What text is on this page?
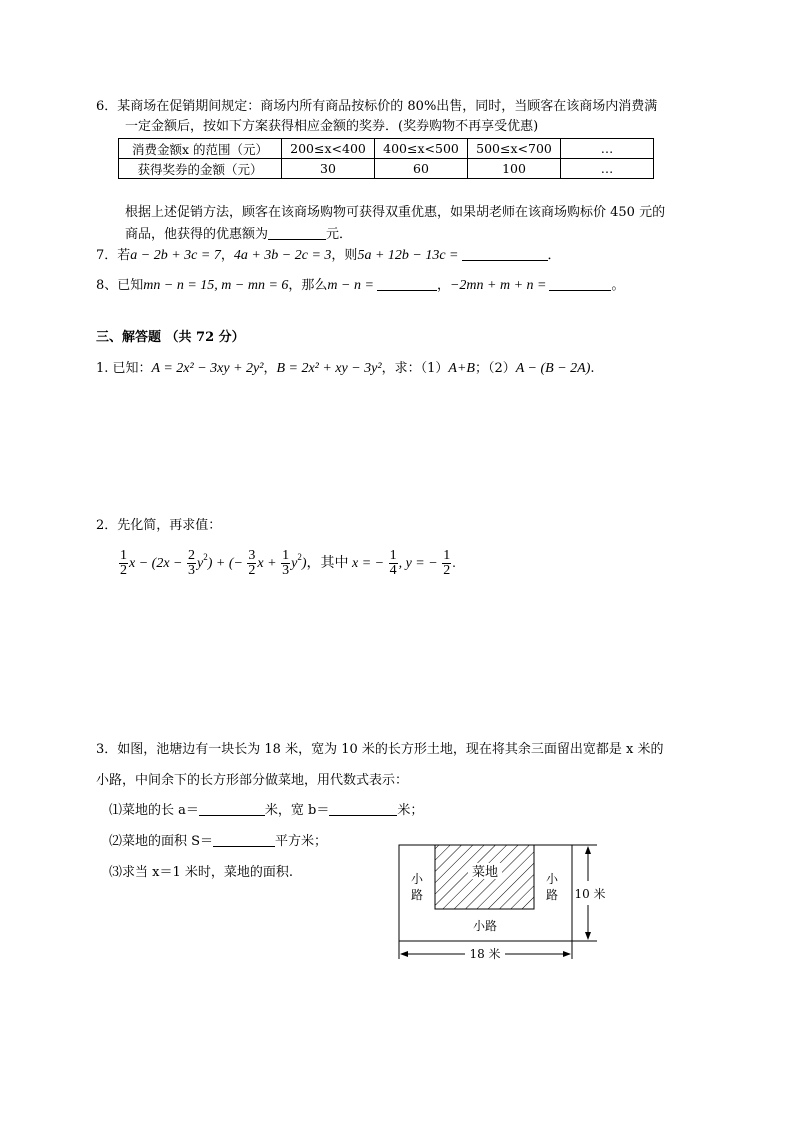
6．某商场在促销期间规定：商场内所有商品按标价的 80%出售，同时，当顾客在该商场内消费满
一定金额后，按如下方案获得相应金额的奖券．(奖券购物不再享受优惠)
消费金额x 的范围（元）	200≤x<400	400≤x<500	500≤x<700	…
获得奖券的金额（元）	30	60	100	…
根据上述促销方法，顾客在该商场购物可获得双重优惠，如果胡老师在该商场购标价 450 元的
商品，他获得的优惠额为	元．
7．若a − 2b + 3c = 7，4a + 3b − 2c = 3，则5a + 12b − 13c =	．
8、已知mn − n = 15, m − mn = 6，那么m − n =	，−2mn + m + n =	。
三、解答题 （共 72 分）
1. 已知：A = 2x² − 3xy + 2y²，B = 2x² + xy − 3y²，求：（1）A+B；（2）A − (B − 2A).
2．先化简，再求值：
$\frac{1}{2}$ $x - (2x - \frac{2}{3} y^2)$ + (− $\frac{3}{2}$ $x + \frac{1}{3} y^2$)，其中 x = − $\frac{1}{4}$ , y = − $\frac{1}{2}$ .
3．如图，池塘边有一块长为 18 米，宽为 10 米的长方形土地，现在将其余三面留出宽都是 x 米的
小路，中间余下的长方形部分做菜地，用代数式表示：
⑴菜地的长 a＝	米，宽 b＝	米；
⑵菜地的面积 S＝	平方米；
⑶求当 x＝1 米时，菜地的面积.	菜地
小
路
小
路
小路
10 米
18 米
